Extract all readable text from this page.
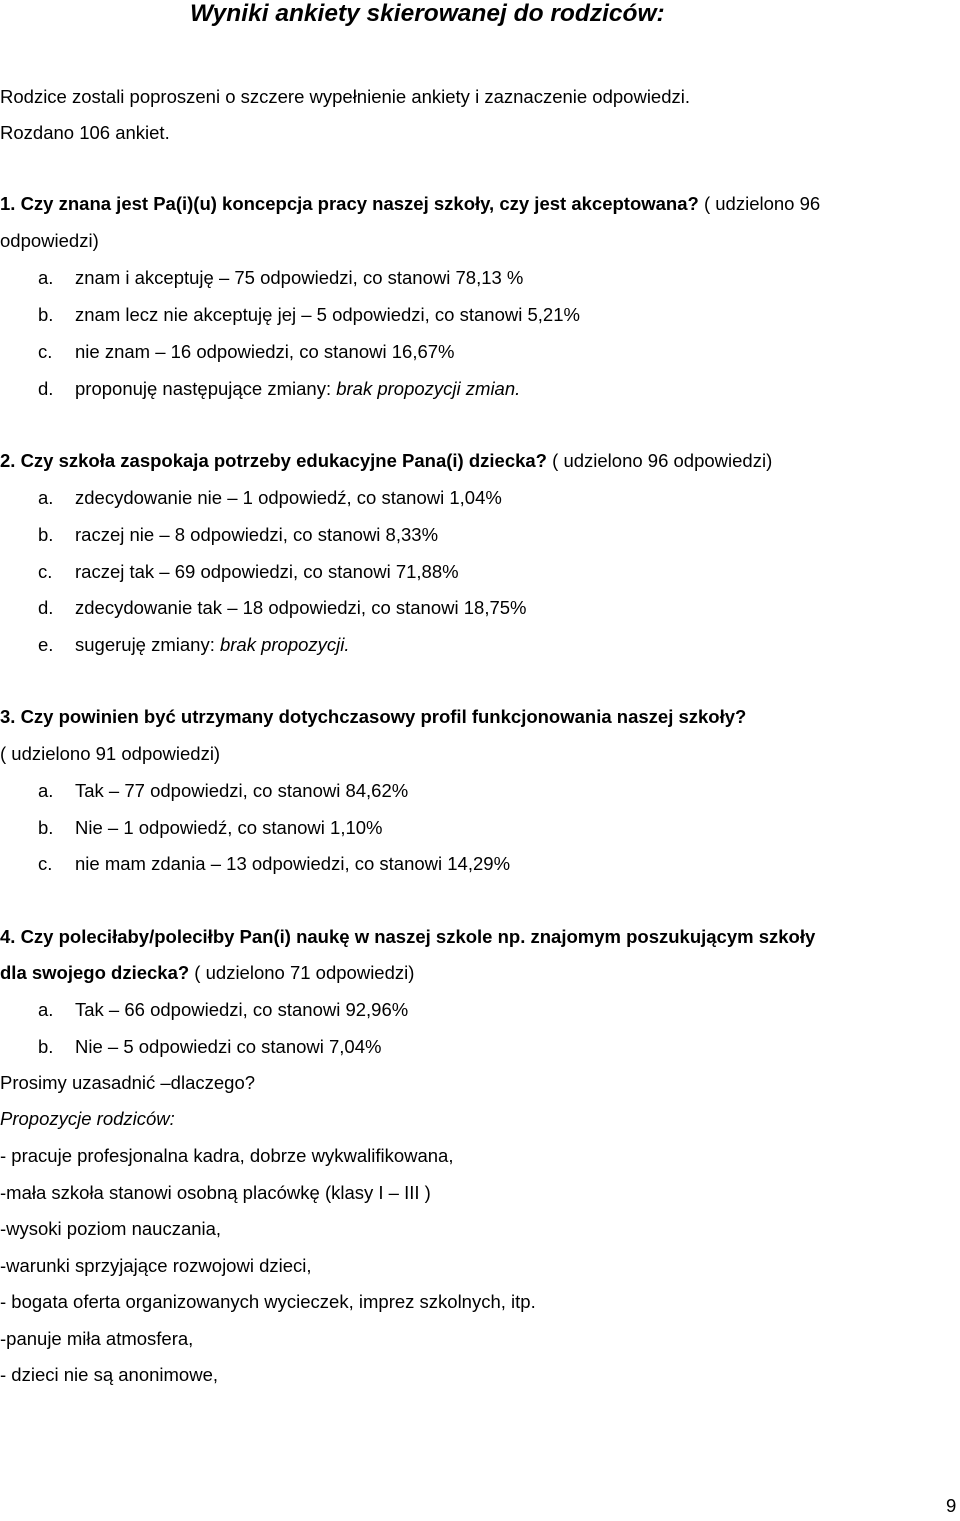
Wyniki ankiety skierowanej do rodziców:
Rodzice zostali poproszeni o szczere wypełnienie ankiety i zaznaczenie odpowiedzi.
Rozdano 106 ankiet.
1. Czy znana jest Pa(i)(u) koncepcja pracy naszej szkoły, czy jest akceptowana? ( udzielono 96
odpowiedzi)
a. znam i akceptuję – 75 odpowiedzi, co stanowi 78,13 %
b. znam lecz nie akceptuję jej – 5 odpowiedzi, co stanowi 5,21%
c. nie znam – 16 odpowiedzi, co stanowi 16,67%
d. proponuję następujące zmiany: brak propozycji zmian.
2. Czy szkoła zaspokaja potrzeby edukacyjne Pana(i) dziecka? ( udzielono 96 odpowiedzi)
a. zdecydowanie nie – 1 odpowiedź, co stanowi 1,04%
b. raczej nie – 8 odpowiedzi, co stanowi 8,33%
c. raczej tak – 69 odpowiedzi, co stanowi 71,88%
d. zdecydowanie tak – 18 odpowiedzi, co stanowi 18,75%
e. sugeruję zmiany: brak propozycji.
3. Czy powinien być utrzymany dotychczasowy profil funkcjonowania naszej szkoły?
( udzielono 91 odpowiedzi)
a. Tak – 77 odpowiedzi, co stanowi 84,62%
b. Nie – 1 odpowiedź, co stanowi 1,10%
c. nie mam zdania – 13 odpowiedzi, co stanowi 14,29%
4. Czy poleciłaby/poleciłby Pan(i) naukę w naszej szkole np. znajomym poszukującym szkoły
dla swojego dziecka? ( udzielono 71 odpowiedzi)
a. Tak – 66 odpowiedzi, co stanowi 92,96%
b. Nie – 5 odpowiedzi co stanowi 7,04%
Prosimy uzasadnić –dlaczego?
Propozycje rodziców:
- pracuje profesjonalna kadra, dobrze wykwalifikowana,
-mała szkoła stanowi osobną placówkę (klasy I – III )
-wysoki poziom nauczania,
-warunki sprzyjające rozwojowi dzieci,
- bogata oferta organizowanych wycieczek, imprez szkolnych, itp.
-panuje miła atmosfera,
- dzieci nie są anonimowe,
9
